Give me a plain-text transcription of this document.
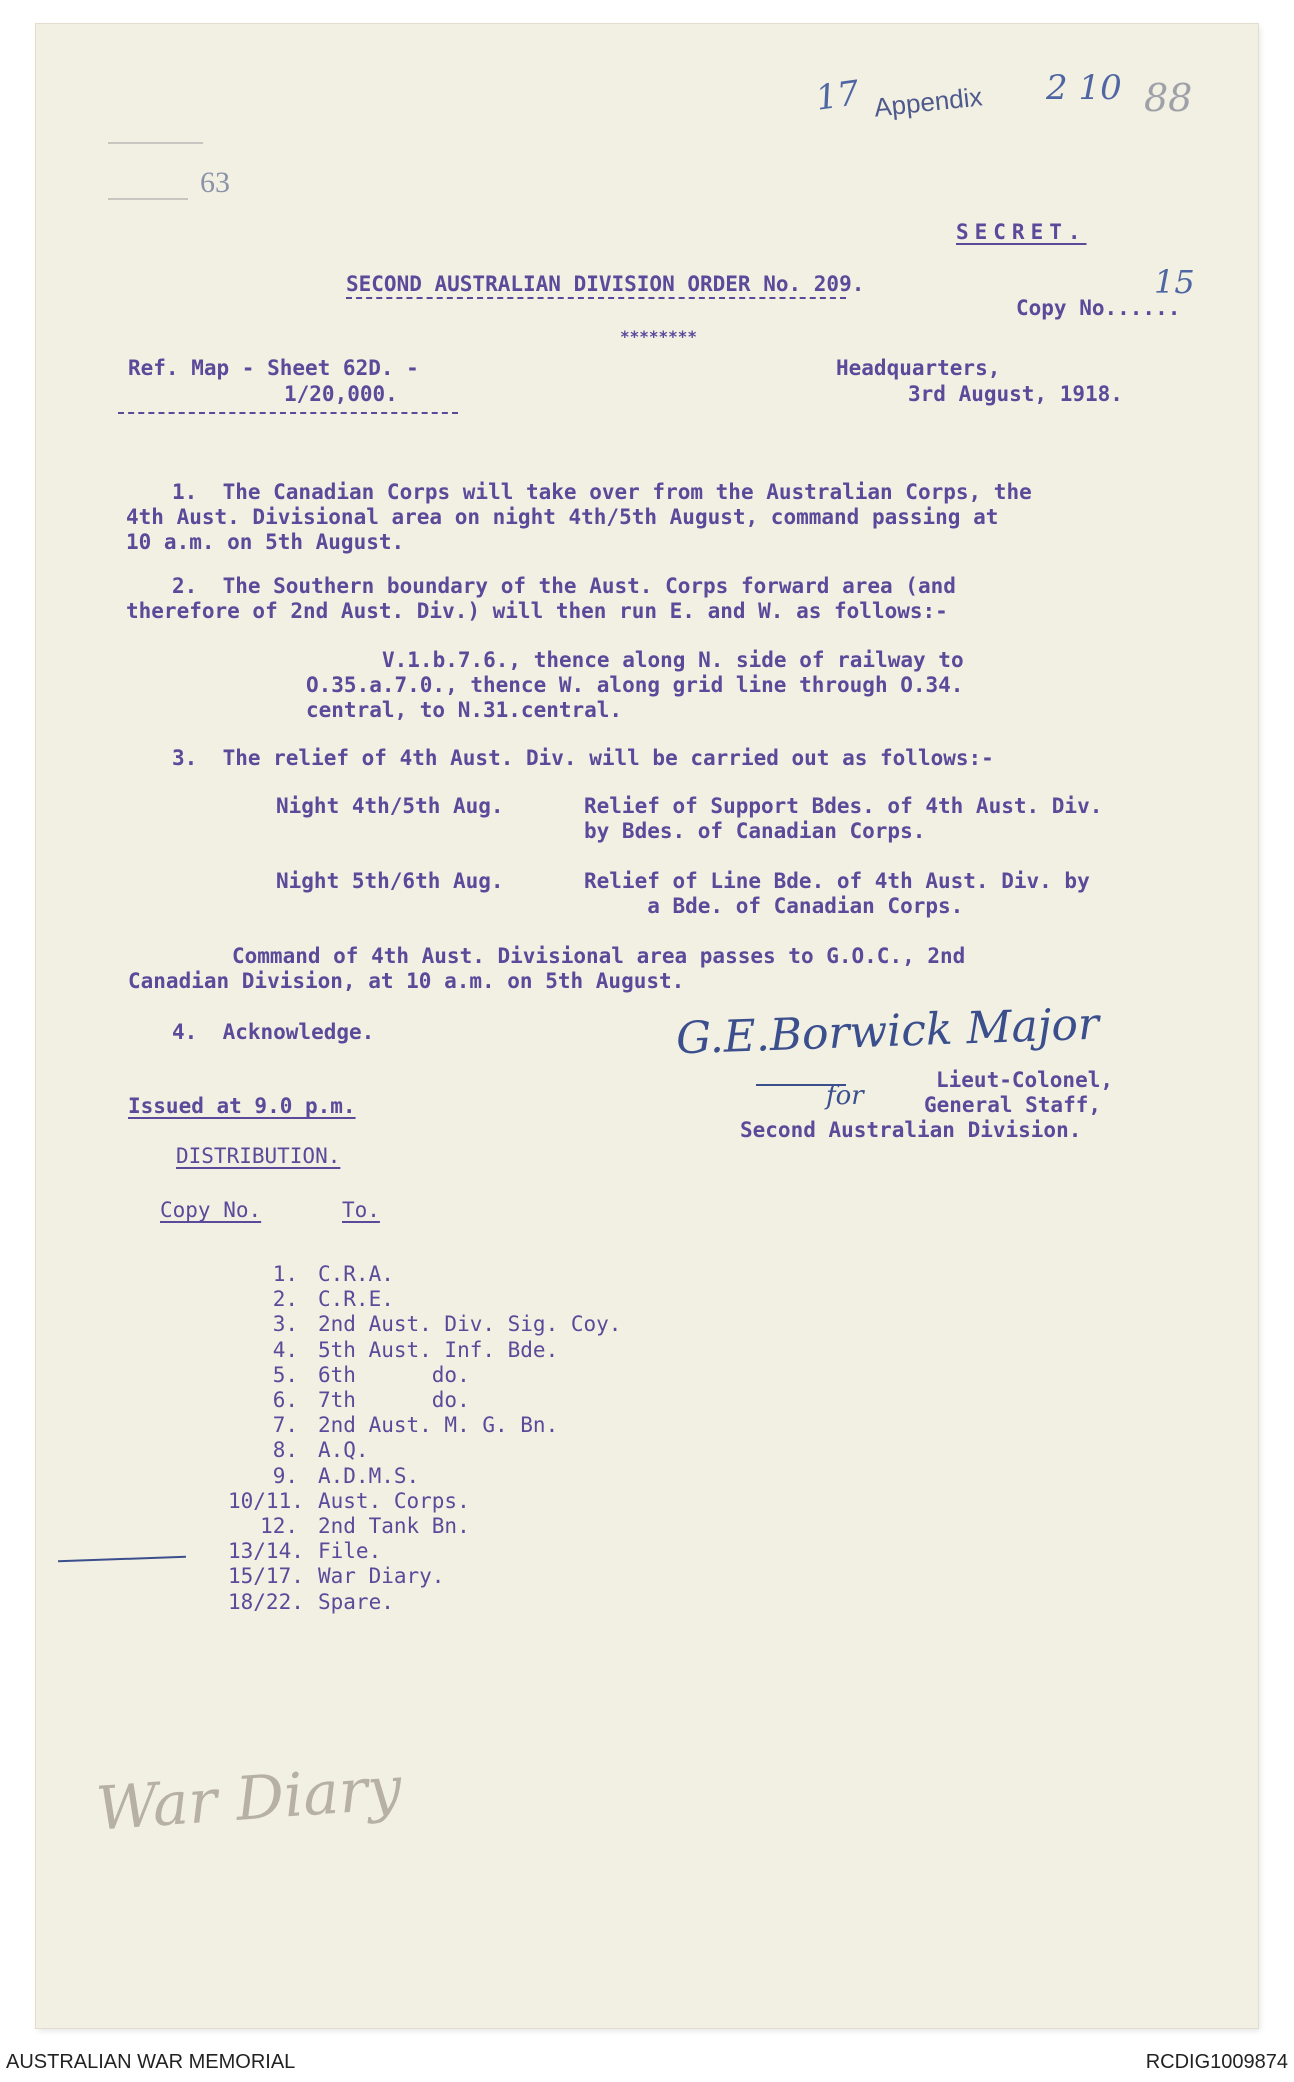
17 Appendix 2 10 88
63
SECRET.
SECOND AUSTRALIAN DIVISION ORDER No. 209.
Copy No......
15
********
Ref. Map - Sheet 62D. -
1/20,000.
Headquarters,
3rd August, 1918.
1.  The Canadian Corps will take over from the Australian Corps, the
4th Aust. Divisional area on night 4th/5th August, command passing at
10 a.m. on 5th August.
2.  The Southern boundary of the Aust. Corps forward area (and
therefore of 2nd Aust. Div.) will then run E. and W. as follows:-
V.1.b.7.6., thence along N. side of railway to
O.35.a.7.0., thence W. along grid line through O.34.
central, to N.31.central.
3.  The relief of 4th Aust. Div. will be carried out as follows:-
Night 4th/5th Aug.	Relief of Support Bdes. of 4th Aust. Div.
by Bdes. of Canadian Corps.
Night 5th/6th Aug.	Relief of Line Bde. of 4th Aust. Div. by
a Bde. of Canadian Corps.
Command of 4th Aust. Divisional area passes to G.O.C., 2nd
Canadian Division, at 10 a.m. on 5th August.
4.  Acknowledge.	G.E.Borwick Major
for
Lieut-Colonel,
General Staff,
Second Australian Division.
Issued at 9.0 p.m.
DISTRIBUTION.
Copy No.	To.
1. C.R.A.
2. C.R.E.
3. 2nd Aust. Div. Sig. Coy.
4. 5th Aust. Inf. Bde.
5. 6th      do.
6. 7th      do.
7. 2nd Aust. M. G. Bn.
8. A.Q.
9. A.D.M.S.
10/11. Aust. Corps.
12. 2nd Tank Bn.
13/14. File.
15/17. War Diary.
18/22. Spare.
War Diary
AUSTRALIAN WAR MEMORIAL	RCDIG1009874
